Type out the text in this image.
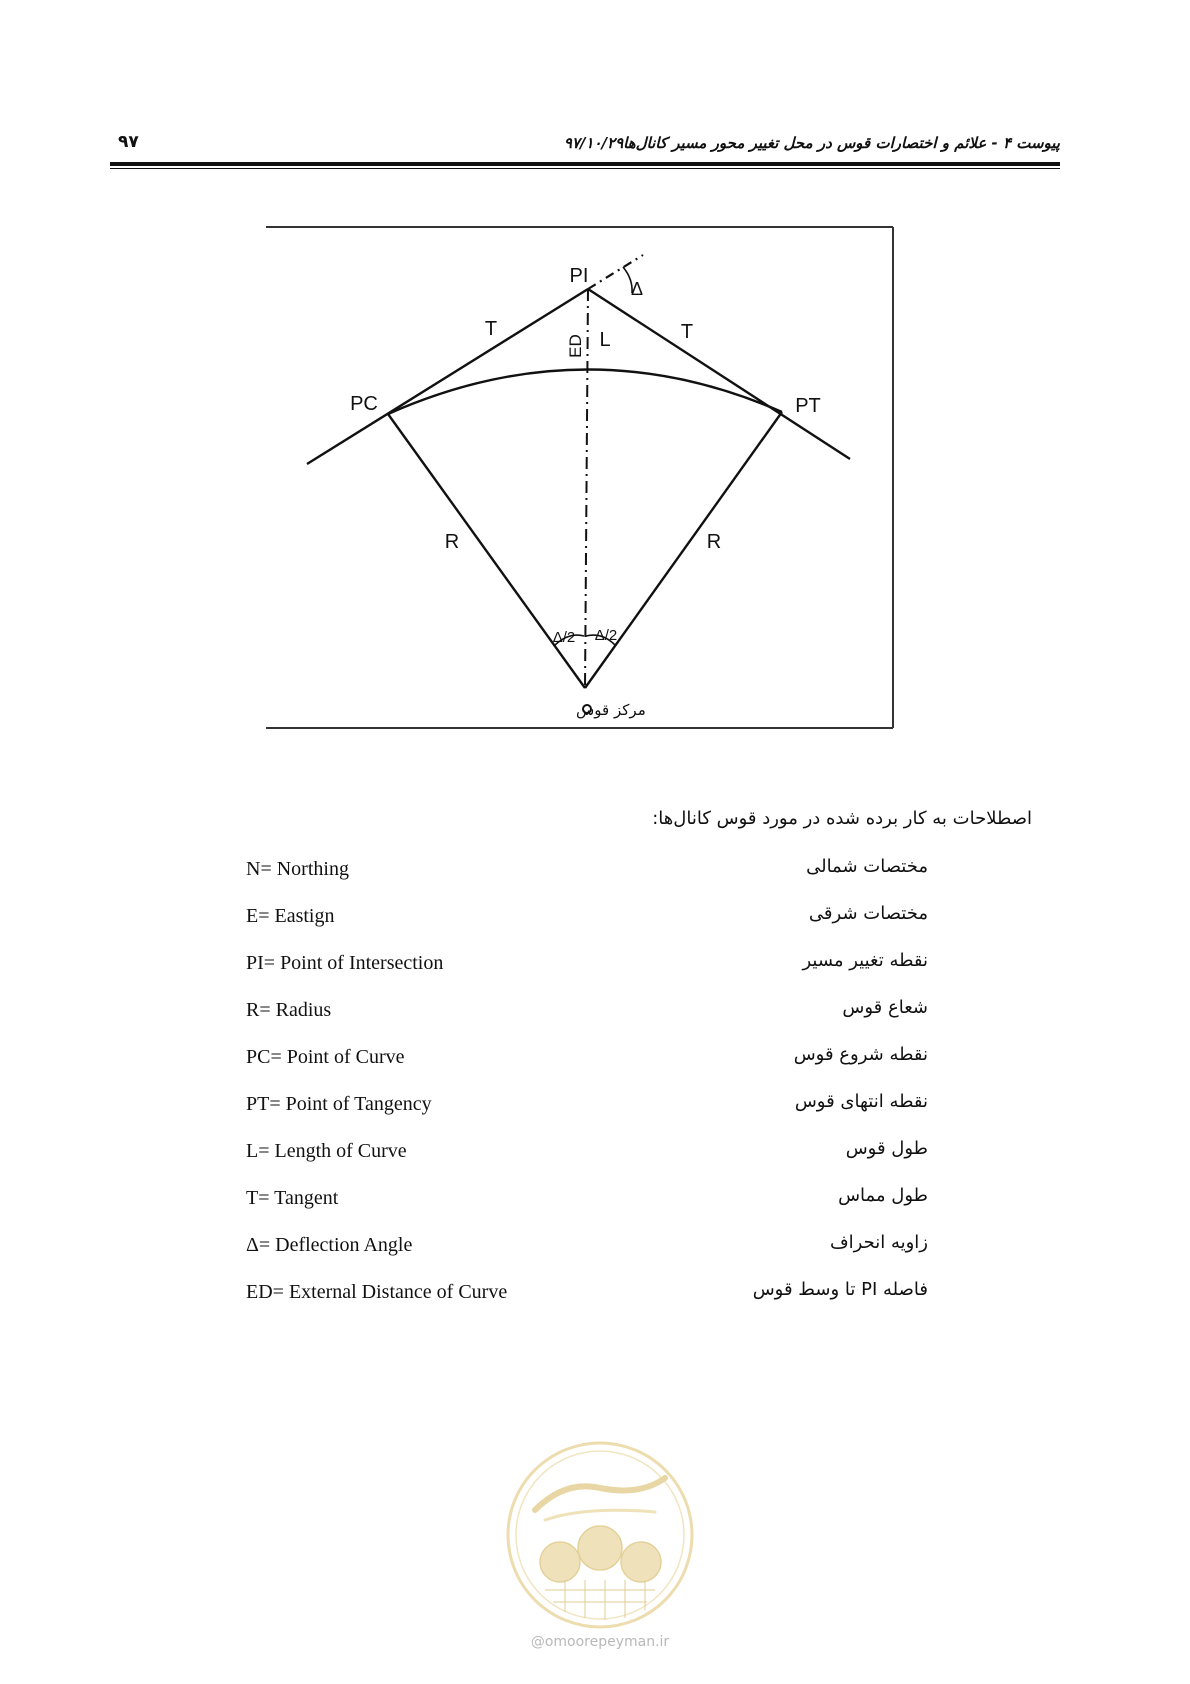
پیوست ۴ - علائم و اختصارات قوس در محل تغییر محور مسیر کانال‌ها۹۷/۱۰/۲۹
۹۷
PI
PC	PT
T	T
R	R
ED L
Δ
Δ/2 Δ/2
مرکز قوس
اصطلاحات به کار برده شده در مورد قوس کانال‌ها:
N= Northing	مختصات شمالی
E= Eastign	مختصات شرقی
PI= Point of Intersection	نقطه تغییر مسیر
R= Radius	شعاع قوس
PC= Point of Curve	نقطه شروع قوس
PT= Point of Tangency	نقطه انتهای قوس
L= Length of Curve	طول قوس
T= Tangent	طول مماس
Δ= Deflection Angle	زاویه انحراف
ED= External Distance of Curve	فاصله PI تا وسط قوس
@omoorepeyman.ir
